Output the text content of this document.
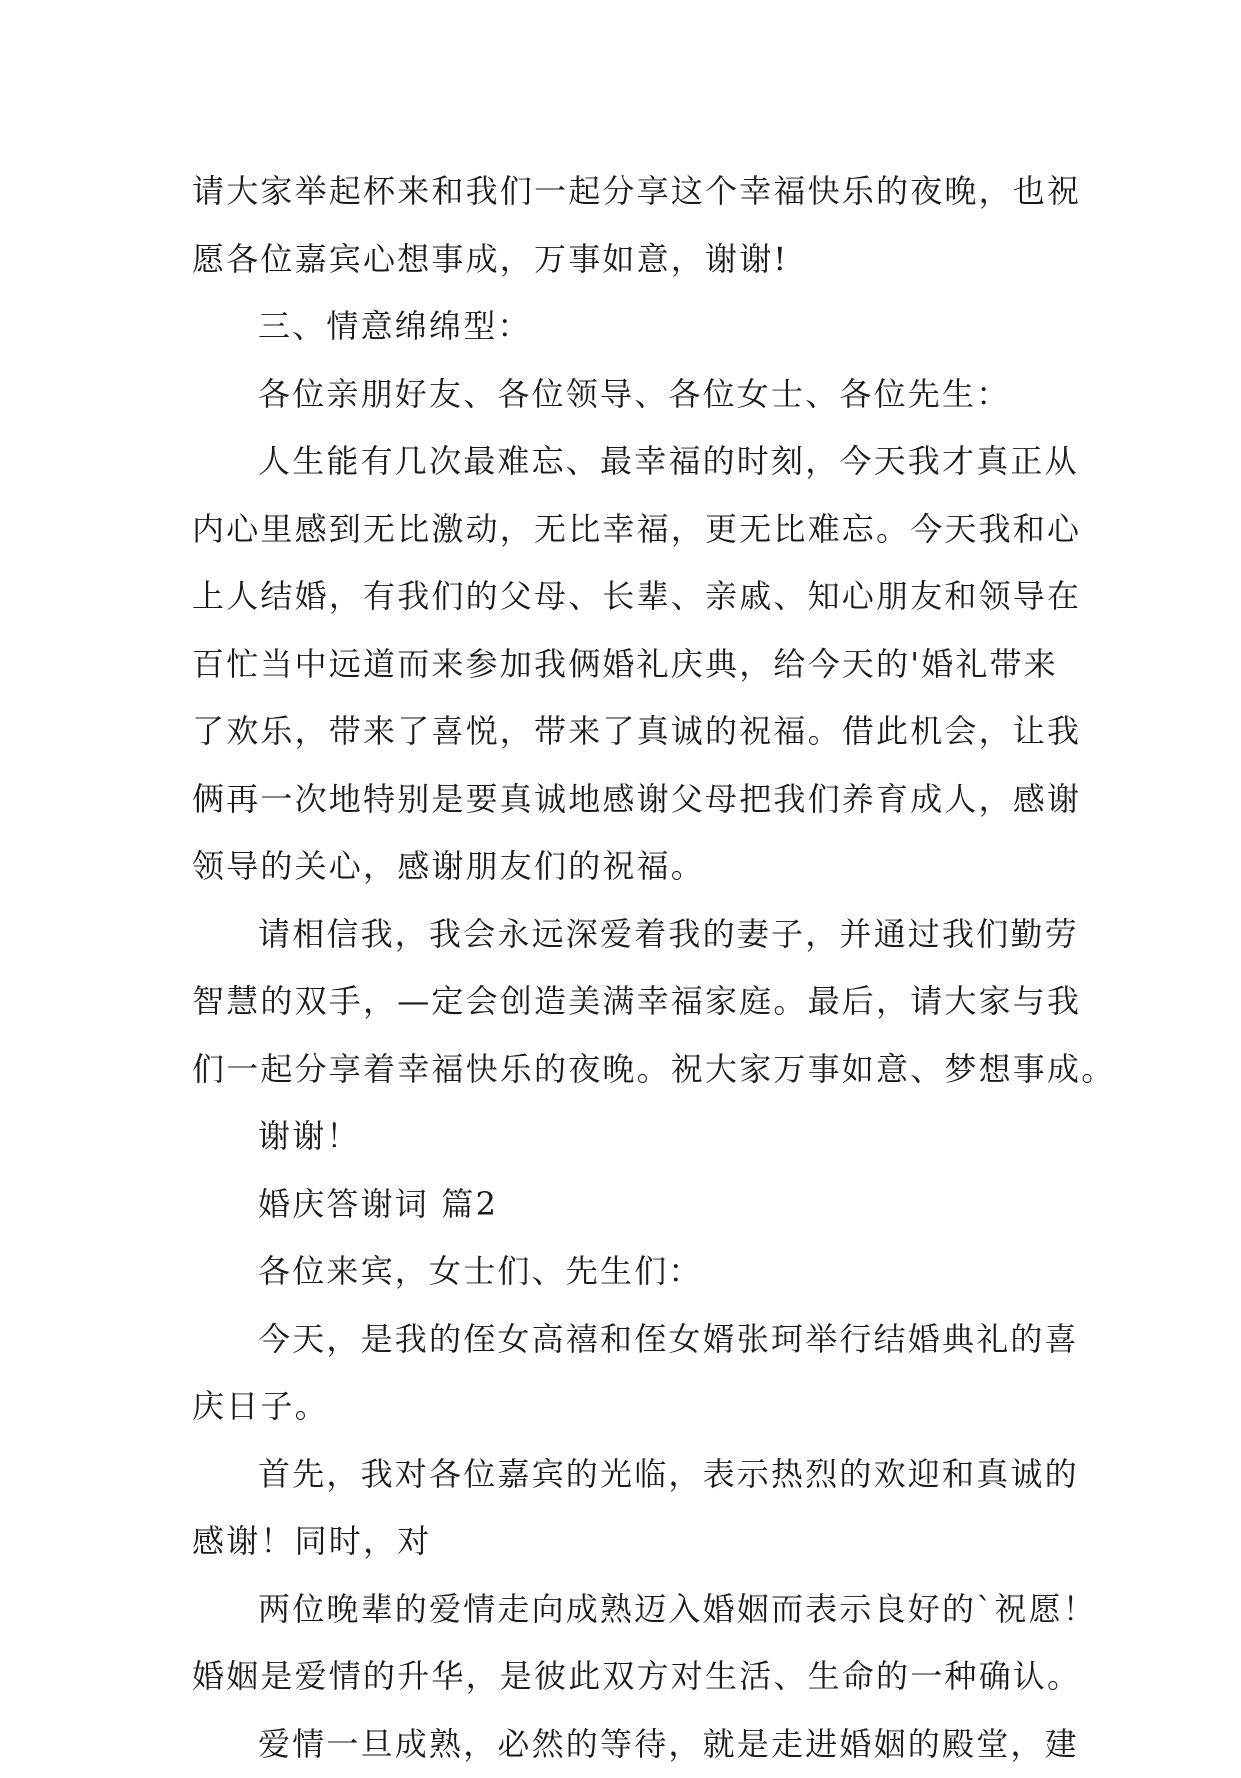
请大家举起杯来和我们一起分享这个幸福快乐的夜晚，也祝
愿各位嘉宾心想事成，万事如意，谢谢!
三、情意绵绵型：
各位亲朋好友、各位领导、各位女士、各位先生：
人生能有几次最难忘、最幸福的时刻，今天我才真正从
内心里感到无比激动，无比幸福，更无比难忘。今天我和心
上人结婚，有我们的父母、长辈、亲戚、知心朋友和领导在
百忙当中远道而来参加我俩婚礼庆典，给今天的'婚礼带来
了欢乐，带来了喜悦，带来了真诚的祝福。借此机会，让我
俩再一次地特别是要真诚地感谢父母把我们养育成人，感谢
领导的关心，感谢朋友们的祝福。
请相信我，我会永远深爱着我的妻子，并通过我们勤劳
智慧的双手，—定会创造美满幸福家庭。最后，请大家与我
们一起分享着幸福快乐的夜晚。祝大家万事如意、梦想事成。
谢谢！
婚庆答谢词 篇2
各位来宾，女士们、先生们：
今天，是我的侄女高禧和侄女婿张珂举行结婚典礼的喜
庆日子。
首先，我对各位嘉宾的光临，表示热烈的欢迎和真诚的
感谢！同时，对
两位晚辈的爱情走向成熟迈入婚姻而表示良好的`祝愿！
婚姻是爱情的升华，是彼此双方对生活、生命的一种确认。
爱情一旦成熟，必然的等待，就是走进婚姻的殿堂，建
